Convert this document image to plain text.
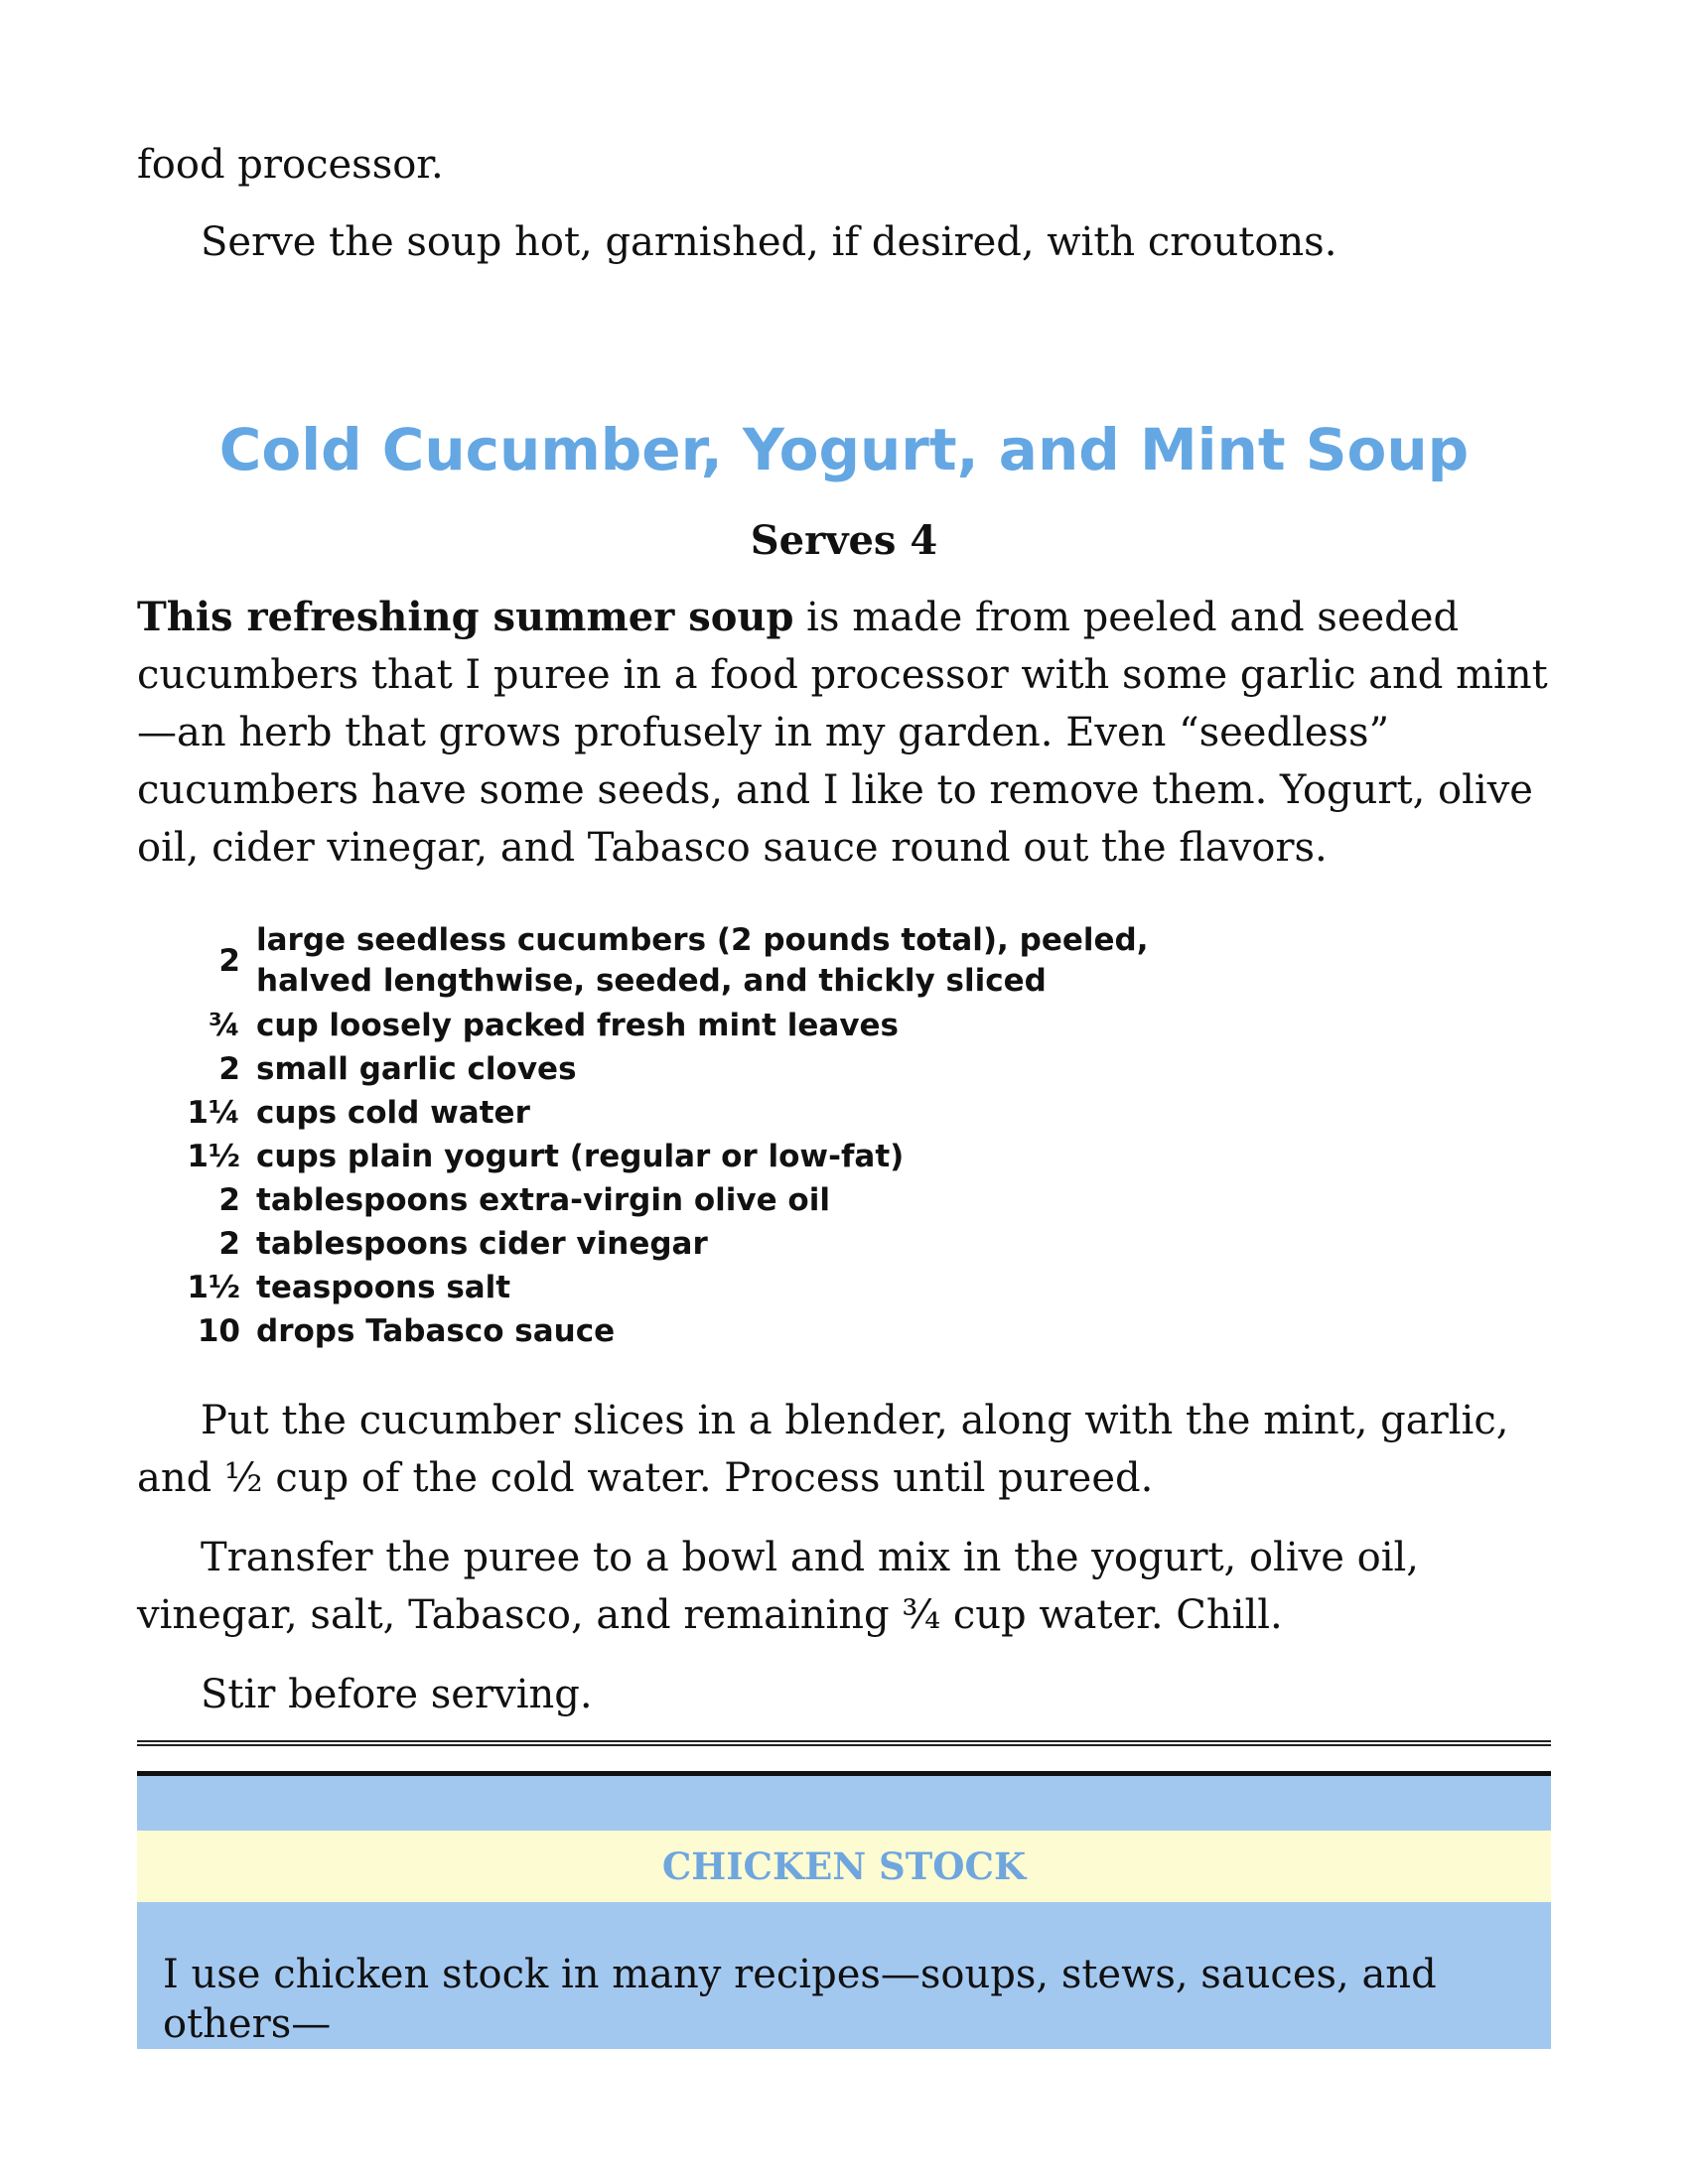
food processor.

Serve the soup hot, garnished, if desired, with croutons.

Cold Cucumber, Yogurt, and Mint Soup
Serves 4

This refreshing summer soup is made from peeled and seeded cucumbers that I puree in a food processor with some garlic and mint—an herb that grows profusely in my garden. Even “seedless” cucumbers have some seeds, and I like to remove them. Yogurt, olive oil, cider vinegar, and Tabasco sauce round out the flavors.

2
large seedless cucumbers (2 pounds total), peeled, halved lengthwise, seeded, and thickly sliced
¾ cup loosely packed fresh mint leaves
2 small garlic cloves
1¼ cups cold water
1½ cups plain yogurt (regular or low-fat)
2 tablespoons extra-virgin olive oil
2 tablespoons cider vinegar
1½ teaspoons salt
10 drops Tabasco sauce

Put the cucumber slices in a blender, along with the mint, garlic, and ½ cup of the cold water. Process until pureed.

Transfer the puree to a bowl and mix in the yogurt, olive oil, vinegar, salt, Tabasco, and remaining ¾ cup water. Chill.

Stir before serving.

CHICKEN STOCK

I use chicken stock in many recipes—soups, stews, sauces, and others—
